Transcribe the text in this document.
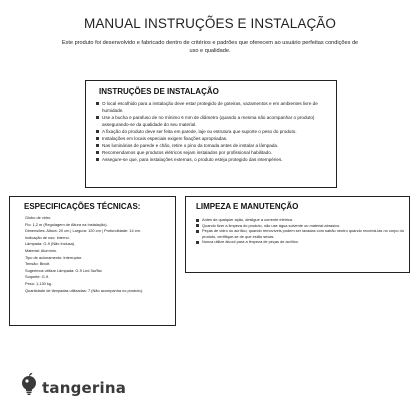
MANUAL INSTRUÇÕES E INSTALAÇÃO
Este produto foi desenvolvido e fabricado dentro de critérios e padrões que oferecem ao usuário perfeitas condições de uso e qualidade.
INSTRUÇÕES DE INSTALAÇÃO
O local escolhido para a instalação deve estar protegido de goteiras, vazamentos e em ambientes livre de humidade.
Use a bucha e parafuso de no mínimo 6 mm de diâmetro (quando a mesma não acompanhar o produto) assegurando-se da qualidade do seu material.
A fixação do produto deve ser feita em parede, laje ou estrutura que suporte o peso do produto.
Instalações em locais especiais exigem fixações apropriadas.
Nas luminárias de parede e chão, retire o pino da tomada antes de instalar a lâmpada.
Recomendamos que produtos elétricos sejam instalados por profissional habilitado.
Assegure-se que, para instalações externas, o produto esteja protegido das intempéries.
ESPECIFICAÇÕES TÉCNICAS:
Globo de vidro.
Fio: 1,2 m (Regulagem de Altura na Instalação).
Dimensões: Altura: 20 cm | Largura: 120 cm | Profundidade: 14 cm.
Indicação de uso: Interno.
Lâmpada: G-9 (Não Inclusa).
Material: Alumínio.
Tipo de acionamento: Interruptor.
Tensão: Bivolt.
Sugerimos utilizar Lâmpada: G-9 Led 3w/5w.
Soquete: G-9.
Peso: 1,130 kg.
Quantidade de lâmpadas utilizadas: 7 (Não acompanha no produto).
LIMPEZA E MANUTENÇÃO
Antes de qualquer ação, desligue a corrente elétrica.
Quando fizer a limpeza do produto, não use água solvente ou material abrasivo.
Peças de vidro ou acrílico, quando removíveis podem ser lavadas com sabão neutro quando recobrá-las no corpo do produto, certifique-se de que estão secas.
Nunca utilize álcool para a limpeza de peças de acrílico.
tangerina
